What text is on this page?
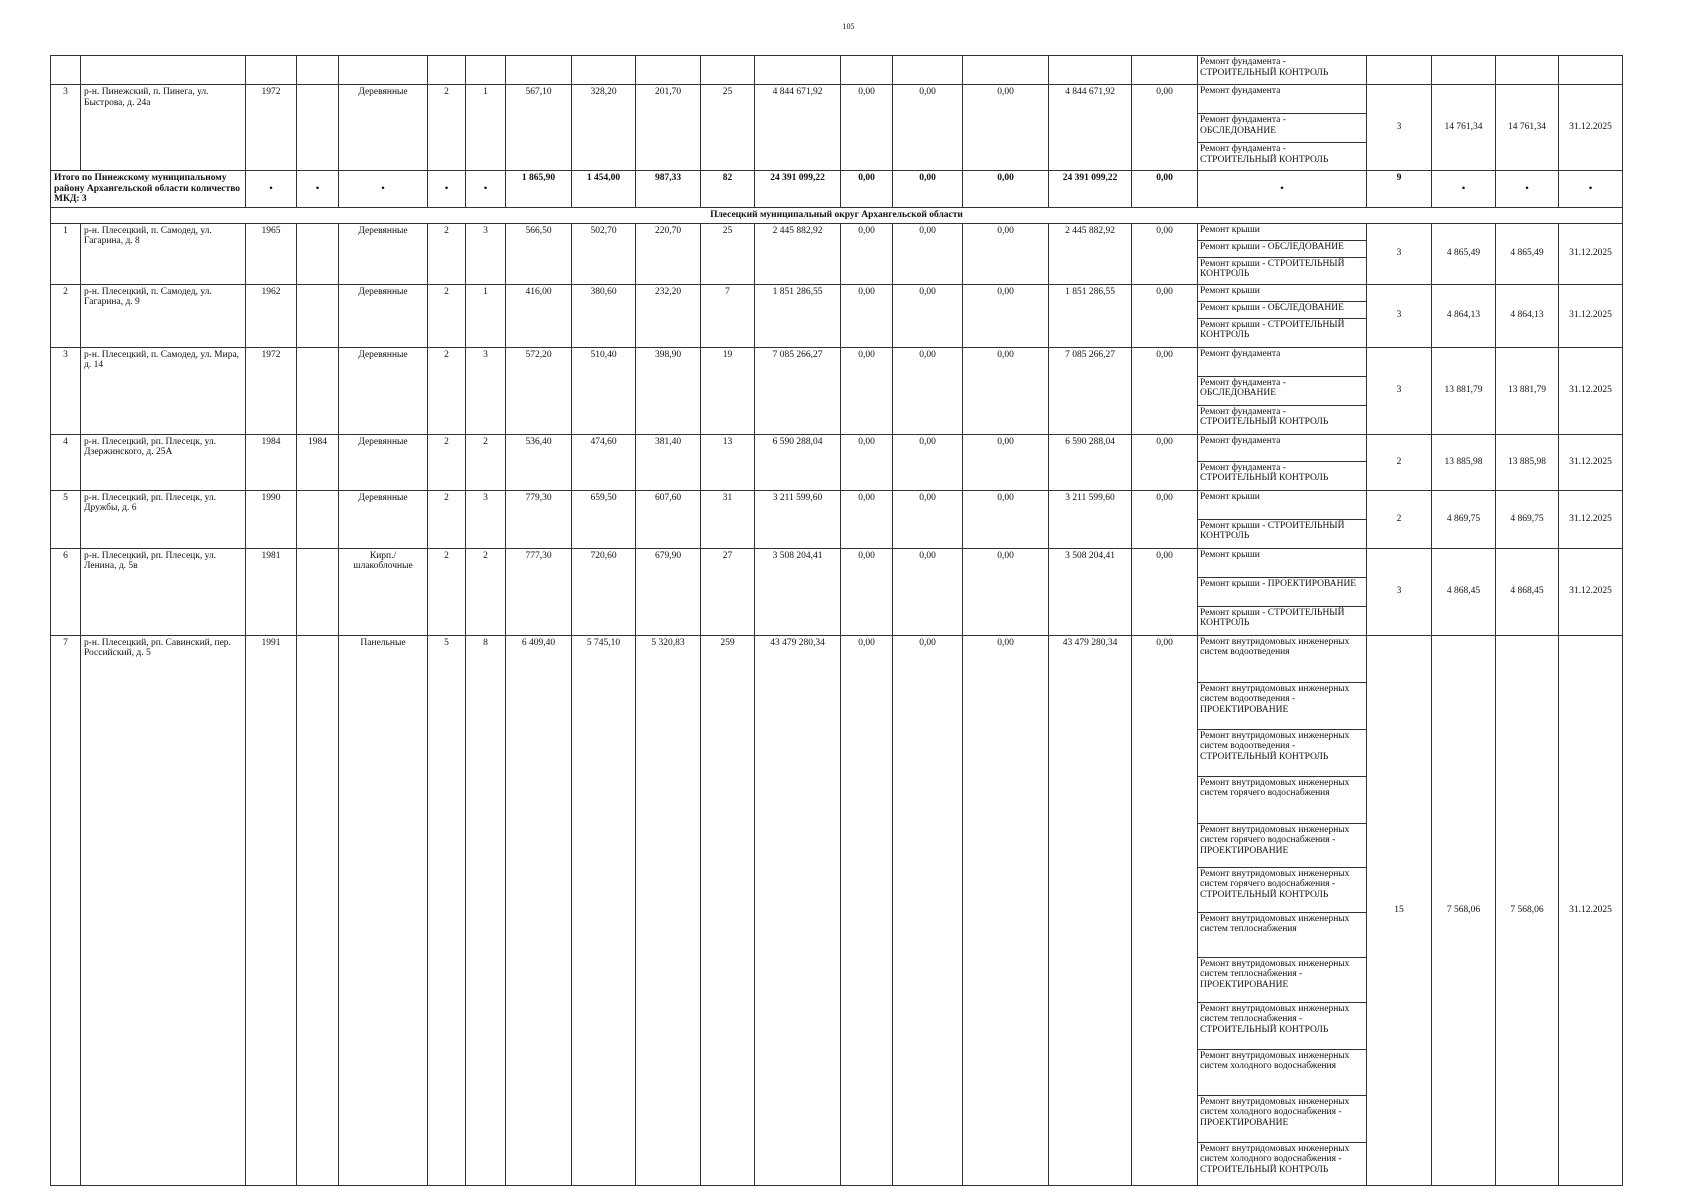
105

Ремонт фундамента - СТРОИТЕЛЬНЫЙ КОНТРОЛЬ

3	р-н. Пинежский, п. Пинега, ул. Быстрова, д. 24а	1972		Деревянные	2	1	567,10	328,20	201,70	25	4 844 671,92	0,00	0,00	0,00	4 844 671,92	0,00		Ремонт фундамента
Ремонт фундамента - ОБСЛЕДОВАНИЕ
Ремонт фундамента - СТРОИТЕЛЬНЫЙ КОНТРОЛЬ
	3	14 761,34	14 761,34	31.12.2025
Итого по Пинежскому муниципальному району Архангельской области количество МКД: 3	•	•	•	•	•	1 865,90	1 454,00	987,33	82	24 391 099,22	0,00	0,00	0,00	24 391 099,22	0,00	•	9	•	•	•
Плесецкий муниципальный округ Архангельской области
1	р-н. Плесецкий, п. Самодед, ул. Гагарина, д. 8	1965		Деревянные	2	3	566,50	502,70	220,70	25	2 445 882,92	0,00	0,00	0,00	2 445 882,92	0,00		Ремонт крыши
Ремонт крыши - ОБСЛЕДОВАНИЕ
Ремонт крыши - СТРОИТЕЛЬНЫЙ КОНТРОЛЬ
	3	4 865,49	4 865,49	31.12.2025
2	р-н. Плесецкий, п. Самодед, ул. Гагарина, д. 9	1962		Деревянные	2	1	416,00	380,60	232,20	7	1 851 286,55	0,00	0,00	0,00	1 851 286,55	0,00		Ремонт крыши
Ремонт крыши - ОБСЛЕДОВАНИЕ
Ремонт крыши - СТРОИТЕЛЬНЫЙ КОНТРОЛЬ
	3	4 864,13	4 864,13	31.12.2025
3	р-н. Плесецкий, п. Самодед, ул. Мира, д. 14	1972		Деревянные	2	3	572,20	510,40	398,90	19	7 085 266,27	0,00	0,00	0,00	7 085 266,27	0,00		Ремонт фундамента
Ремонт фундамента - ОБСЛЕДОВАНИЕ
Ремонт фундамента - СТРОИТЕЛЬНЫЙ КОНТРОЛЬ
	3	13 881,79	13 881,79	31.12.2025
4	р-н. Плесецкий, рп. Плесецк, ул. Дзержинского, д. 25А	1984	1984	Деревянные	2	2	536,40	474,60	381,40	13	6 590 288,04	0,00	0,00	0,00	6 590 288,04	0,00		Ремонт фундамента
Ремонт фундамента - СТРОИТЕЛЬНЫЙ КОНТРОЛЬ
	2	13 885,98	13 885,98	31.12.2025
5	р-н. Плесецкий, рп. Плесецк, ул. Дружбы, д. 6	1990		Деревянные	2	3	779,30	659,50	607,60	31	3 211 599,60	0,00	0,00	0,00	3 211 599,60	0,00		Ремонт крыши
Ремонт крыши - СТРОИТЕЛЬНЫЙ КОНТРОЛЬ
	2	4 869,75	4 869,75	31.12.2025
6	р-н. Плесецкий, рп. Плесецк, ул. Ленина, д. 5в	1981		Кирп./ шлакоблочные	2	2	777,30	720,60	679,90	27	3 508 204,41	0,00	0,00	0,00	3 508 204,41	0,00		Ремонт крыши
Ремонт крыши - ПРОЕКТИРОВАНИЕ
Ремонт крыши - СТРОИТЕЛЬНЫЙ КОНТРОЛЬ
	3	4 868,45	4 868,45	31.12.2025
7	р-н. Плесецкий, рп. Савинский, пер. Российский, д. 5	1991		Панельные	5	8	6 409,40	5 745,10	5 320,83	259	43 479 280,34	0,00	0,00	0,00	43 479 280,34	0,00		Ремонт внутридомовых инженерных систем водоотведения
Ремонт внутридомовых инженерных систем водоотведения - ПРОЕКТИРОВАНИЕ
Ремонт внутридомовых инженерных систем водоотведения - СТРОИТЕЛЬНЫЙ КОНТРОЛЬ
Ремонт внутридомовых инженерных систем горячего водоснабжения
Ремонт внутридомовых инженерных систем горячего водоснабжения - ПРОЕКТИРОВАНИЕ
Ремонт внутридомовых инженерных систем горячего водоснабжения - СТРОИТЕЛЬНЫЙ КОНТРОЛЬ
Ремонт внутридомовых инженерных систем теплоснабжения
Ремонт внутридомовых инженерных систем теплоснабжения - ПРОЕКТИРОВАНИЕ
Ремонт внутридомовых инженерных систем теплоснабжения - СТРОИТЕЛЬНЫЙ КОНТРОЛЬ
Ремонт внутридомовых инженерных систем холодного водоснабжения
Ремонт внутридомовых инженерных систем холодного водоснабжения - ПРОЕКТИРОВАНИЕ
Ремонт внутридомовых инженерных систем холодного водоснабжения - СТРОИТЕЛЬНЫЙ КОНТРОЛЬ
	15	7 568,06	7 568,06	31.12.2025
